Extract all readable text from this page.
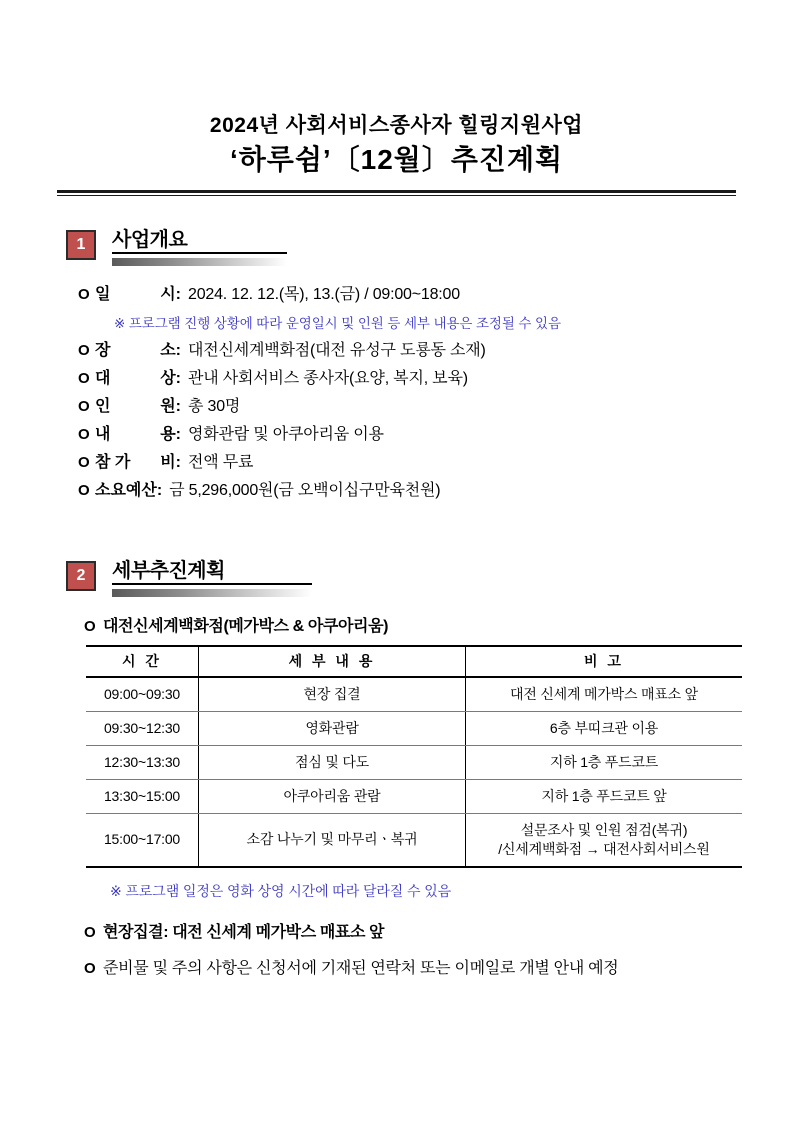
2024년 사회서비스종사자 힐링지원사업
‘하루쉼’〔12월〕추진계획
1	사업개요
O 일	시: 2024. 12. 12.(목), 13.(금) / 09:00~18:00
※ 프로그램 진행 상황에 따라 운영일시 및 인원 등 세부 내용은 조정될 수 있음
O 장	소: 대전신세계백화점(대전 유성구 도룡동 소재)
O 대	상: 관내 사회서비스 종사자(요양, 복지, 보육)
O 인	원: 총 30명
O 내	용: 영화관람 및 아쿠아리움 이용
O 참 가 비: 전액 무료
O 소요예산: 금 5,296,000원(금 오백이십구만육천원)
2	세부추진계획
O 대전신세계백화점(메가박스 & 아쿠아리움)
시 간	세 부 내 용	비 고
09:00~09:30	현장 집결	대전 신세계 메가박스 매표소 앞
09:30~12:30	영화관람	6층 부띠크관 이용
12:30~13:30	점심 및 다도	지하 1층 푸드코트
13:30~15:00	아쿠아리움 관람	지하 1층 푸드코트 앞
15:00~17:00	소감 나누기 및 마무리ㆍ복귀	설문조사 및 인원 점검(복귀)
/신세계백화점 → 대전사회서비스원
※ 프로그램 일정은 영화 상영 시간에 따라 달라질 수 있음
O 현장집결: 대전 신세계 메가박스 매표소 앞
O 준비물 및 주의 사항은 신청서에 기재된 연락처 또는 이메일로 개별 안내 예정
